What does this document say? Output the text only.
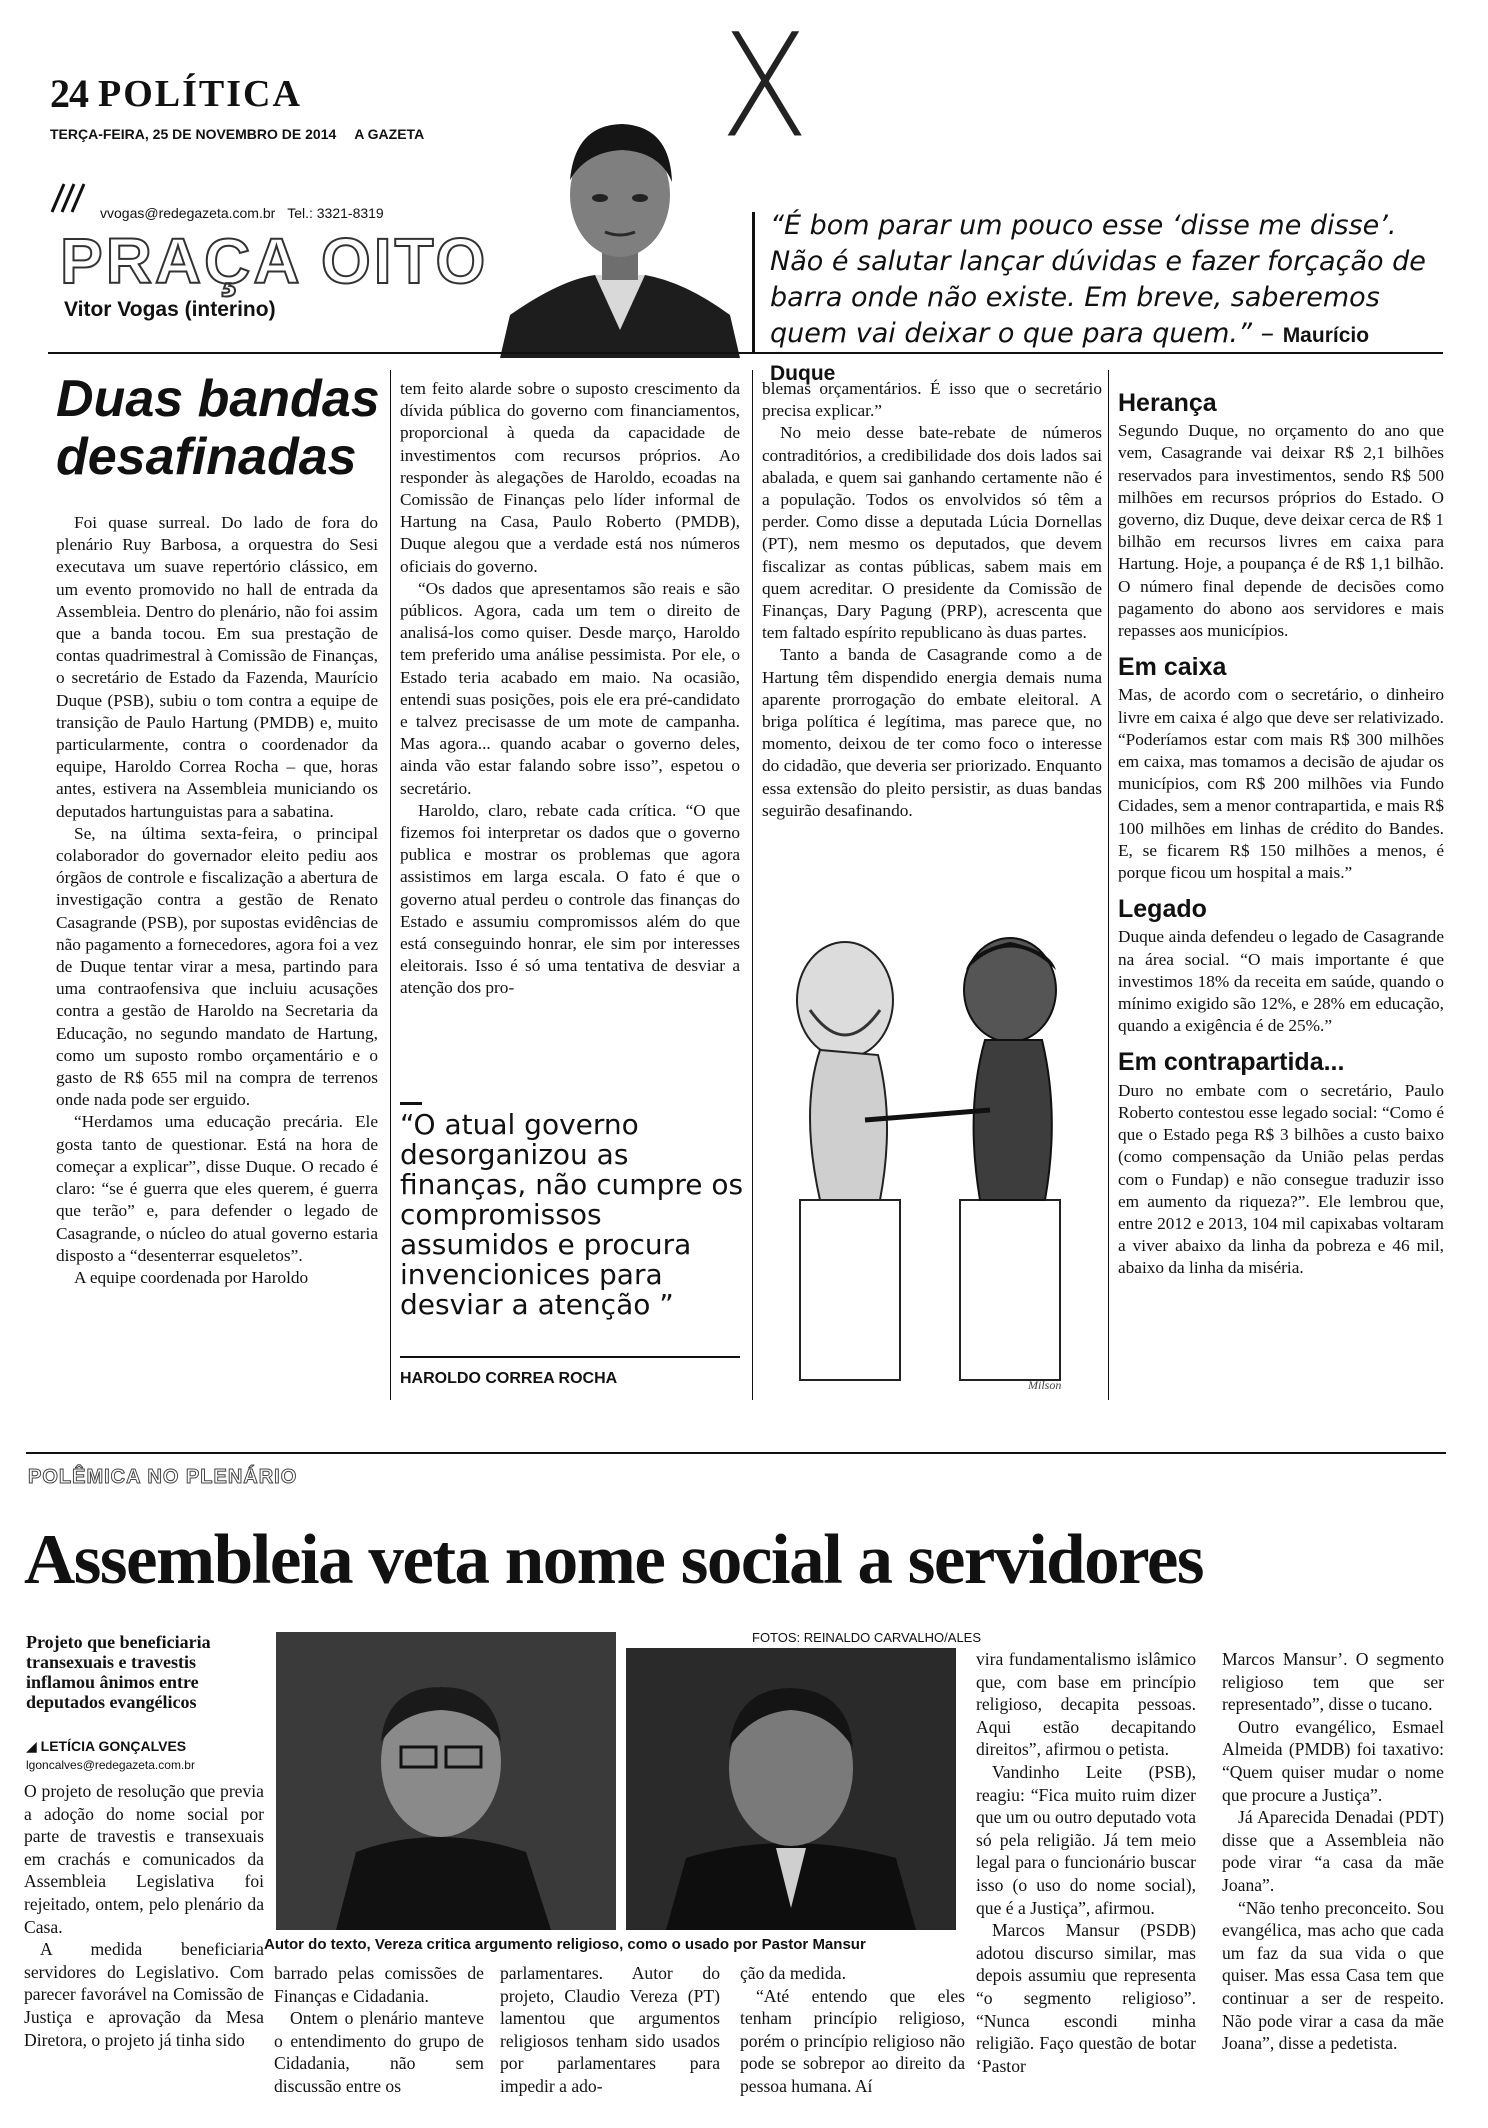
24 POLÍTICA
TERÇA-FEIRA, 25 DE NOVEMBRO DE 2014 A GAZETA X
vvogas@redegazeta.com.br Tel.: 3321-8319
PRAÇA OITO
Vitor Vogas (interino)
“É bom parar um pouco esse ‘disse me disse’. Não é salutar lançar dúvidas e fazer forçação de barra onde não existe. Em breve, saberemos quem vai deixar o que para quem.” – Maurício Duque
Duas bandas
desafinadas

Foi quase surreal. Do lado de fora do plenário Ruy Barbosa, a orquestra do Sesi executava um suave repertório clássico, em um evento promovido no hall de entrada da Assembleia. Dentro do plenário, não foi assim que a banda tocou. Em sua prestação de contas quadrimestral à Comissão de Finanças, o secretário de Estado da Fazenda, Maurício Duque (PSB), subiu o tom contra a equipe de transição de Paulo Hartung (PMDB) e, muito particularmente, contra o coordenador da equipe, Haroldo Correa Rocha – que, horas antes, estivera na Assembleia municiando os deputados hartunguistas para a sabatina.

Se, na última sexta-feira, o principal colaborador do governador eleito pediu aos órgãos de controle e fiscalização a abertura de investigação contra a gestão de Renato Casagrande (PSB), por supostas evidências de não pagamento a fornecedores, agora foi a vez de Duque tentar virar a mesa, partindo para uma contraofensiva que incluiu acusações contra a gestão de Haroldo na Secretaria da Educação, no segundo mandato de Hartung, como um suposto rombo orçamentário e o gasto de R$ 655 mil na compra de terrenos onde nada pode ser erguido.

“Herdamos uma educação precária. Ele gosta tanto de questionar. Está na hora de começar a explicar”, disse Duque. O recado é claro: “se é guerra que eles querem, é guerra que terão” e, para defender o legado de Casagrande, o núcleo do atual governo estaria disposto a “desenterrar esqueletos”.

A equipe coordenada por Haroldo

tem feito alarde sobre o suposto crescimento da dívida pública do governo com financiamentos, proporcional à queda da capacidade de investimentos com recursos próprios. Ao responder às alegações de Haroldo, ecoadas na Comissão de Finanças pelo líder informal de Hartung na Casa, Paulo Roberto (PMDB), Duque alegou que a verdade está nos números oficiais do governo.

“Os dados que apresentamos são reais e são públicos. Agora, cada um tem o direito de analisá-los como quiser. Desde março, Haroldo tem preferido uma análise pessimista. Por ele, o Estado teria acabado em maio. Na ocasião, entendi suas posições, pois ele era pré-candidato e talvez precisasse de um mote de campanha. Mas agora... quando acabar o governo deles, ainda vão estar falando sobre isso”, espetou o secretário.

Haroldo, claro, rebate cada crítica. “O que fizemos foi interpretar os dados que o governo publica e mostrar os problemas que agora assistimos em larga escala. O fato é que o governo atual perdeu o controle das finanças do Estado e assumiu compromissos além do que está conseguindo honrar, ele sim por interesses eleitorais. Isso é só uma tentativa de desviar a atenção dos pro-

“O atual governo desorganizou as finanças, não cumpre os compromissos assumidos e procura invencionices para desviar a atenção ”
HAROLDO CORREA ROCHA

blemas orçamentários. É isso que o secretário precisa explicar.”

No meio desse bate-rebate de números contraditórios, a credibilidade dos dois lados sai abalada, e quem sai ganhando certamente não é a população. Todos os envolvidos só têm a perder. Como disse a deputada Lúcia Dornellas (PT), nem mesmo os deputados, que devem fiscalizar as contas públicas, sabem mais em quem acreditar. O presidente da Comissão de Finanças, Dary Pagung (PRP), acrescenta que tem faltado espírito republicano às duas partes.

Tanto a banda de Casagrande como a de Hartung têm dispendido energia demais numa aparente prorrogação do embate eleitoral. A briga política é legítima, mas parece que, no momento, deixou de ter como foco o interesse do cidadão, que deveria ser priorizado. Enquanto essa extensão do pleito persistir, as duas bandas seguirão desafinando.

Milson
Herança

Segundo Duque, no orçamento do ano que vem, Casagrande vai deixar R$ 2,1 bilhões reservados para investimentos, sendo R$ 500 milhões em recursos próprios do Estado. O governo, diz Duque, deve deixar cerca de R$ 1 bilhão em recursos livres em caixa para Hartung. Hoje, a poupança é de R$ 1,1 bilhão. O número final depende de decisões como pagamento do abono aos servidores e mais repasses aos municípios.

Em caixa

Mas, de acordo com o secretário, o dinheiro livre em caixa é algo que deve ser relativizado. “Poderíamos estar com mais R$ 300 milhões em caixa, mas tomamos a decisão de ajudar os municípios, com R$ 200 milhões via Fundo Cidades, sem a menor contrapartida, e mais R$ 100 milhões em linhas de crédito do Bandes. E, se ficarem R$ 150 milhões a menos, é porque ficou um hospital a mais.”

Legado

Duque ainda defendeu o legado de Casagrande na área social. “O mais importante é que investimos 18% da receita em saúde, quando o mínimo exigido são 12%, e 28% em educação, quando a exigência é de 25%.”

Em contrapartida...

Duro no embate com o secretário, Paulo Roberto contestou esse legado social: “Como é que o Estado pega R$ 3 bilhões a custo baixo (como compensação da União pelas perdas com o Fundap) e não consegue traduzir isso em aumento da riqueza?”. Ele lembrou que, entre 2012 e 2013, 104 mil capixabas voltaram a viver abaixo da linha da pobreza e 46 mil, abaixo da linha da miséria.

POLÊMICA NO PLENÁRIO
Assembleia veta nome social a servidores
Projeto que beneficiaria transexuais e travestis inflamou ânimos entre deputados evangélicos
◢ LETÍCIA GONÇALVES
lgoncalves@redegazeta.com.br

O projeto de resolução que previa a adoção do nome social por parte de travestis e transexuais em crachás e comunicados da Assembleia Legislativa foi rejeitado, ontem, pelo plenário da Casa.

A medida beneficiaria servidores do Legislativo. Com parecer favorável na Comissão de Justiça e aprovação da Mesa Diretora, o projeto já tinha sido

FOTOS: REINALDO CARVALHO/ALES
Autor do texto, Vereza critica argumento religioso, como o usado por Pastor Mansur

barrado pelas comissões de Finanças e Cidadania.

Ontem o plenário manteve o entendimento do grupo de Cidadania, não sem discussão entre os

parlamentares. Autor do projeto, Claudio Vereza (PT) lamentou que argumentos religiosos tenham sido usados por parlamentares para impedir a ado-

ção da medida.

“Até entendo que eles tenham princípio religioso, porém o princípio religioso não pode se sobrepor ao direito da pessoa humana. Aí

vira fundamentalismo islâmico que, com base em princípio religioso, decapita pessoas. Aqui estão decapitando direitos”, afirmou o petista.

Vandinho Leite (PSB), reagiu: “Fica muito ruim dizer que um ou outro deputado vota só pela religião. Já tem meio legal para o funcionário buscar isso (o uso do nome social), que é a Justiça”, afirmou.

Marcos Mansur (PSDB) adotou discurso similar, mas depois assumiu que representa “o segmento religioso”. “Nunca escondi minha religião. Faço questão de botar ‘Pastor

Marcos Mansur’. O segmento religioso tem que ser representado”, disse o tucano.

Outro evangélico, Esmael Almeida (PMDB) foi taxativo: “Quem quiser mudar o nome que procure a Justiça”.

Já Aparecida Denadai (PDT) disse que a Assembleia não pode virar “a casa da mãe Joana”.

“Não tenho preconceito. Sou evangélica, mas acho que cada um faz da sua vida o que quiser. Mas essa Casa tem que continuar a ser de respeito. Não pode virar a casa da mãe Joana”, disse a pedetista.
